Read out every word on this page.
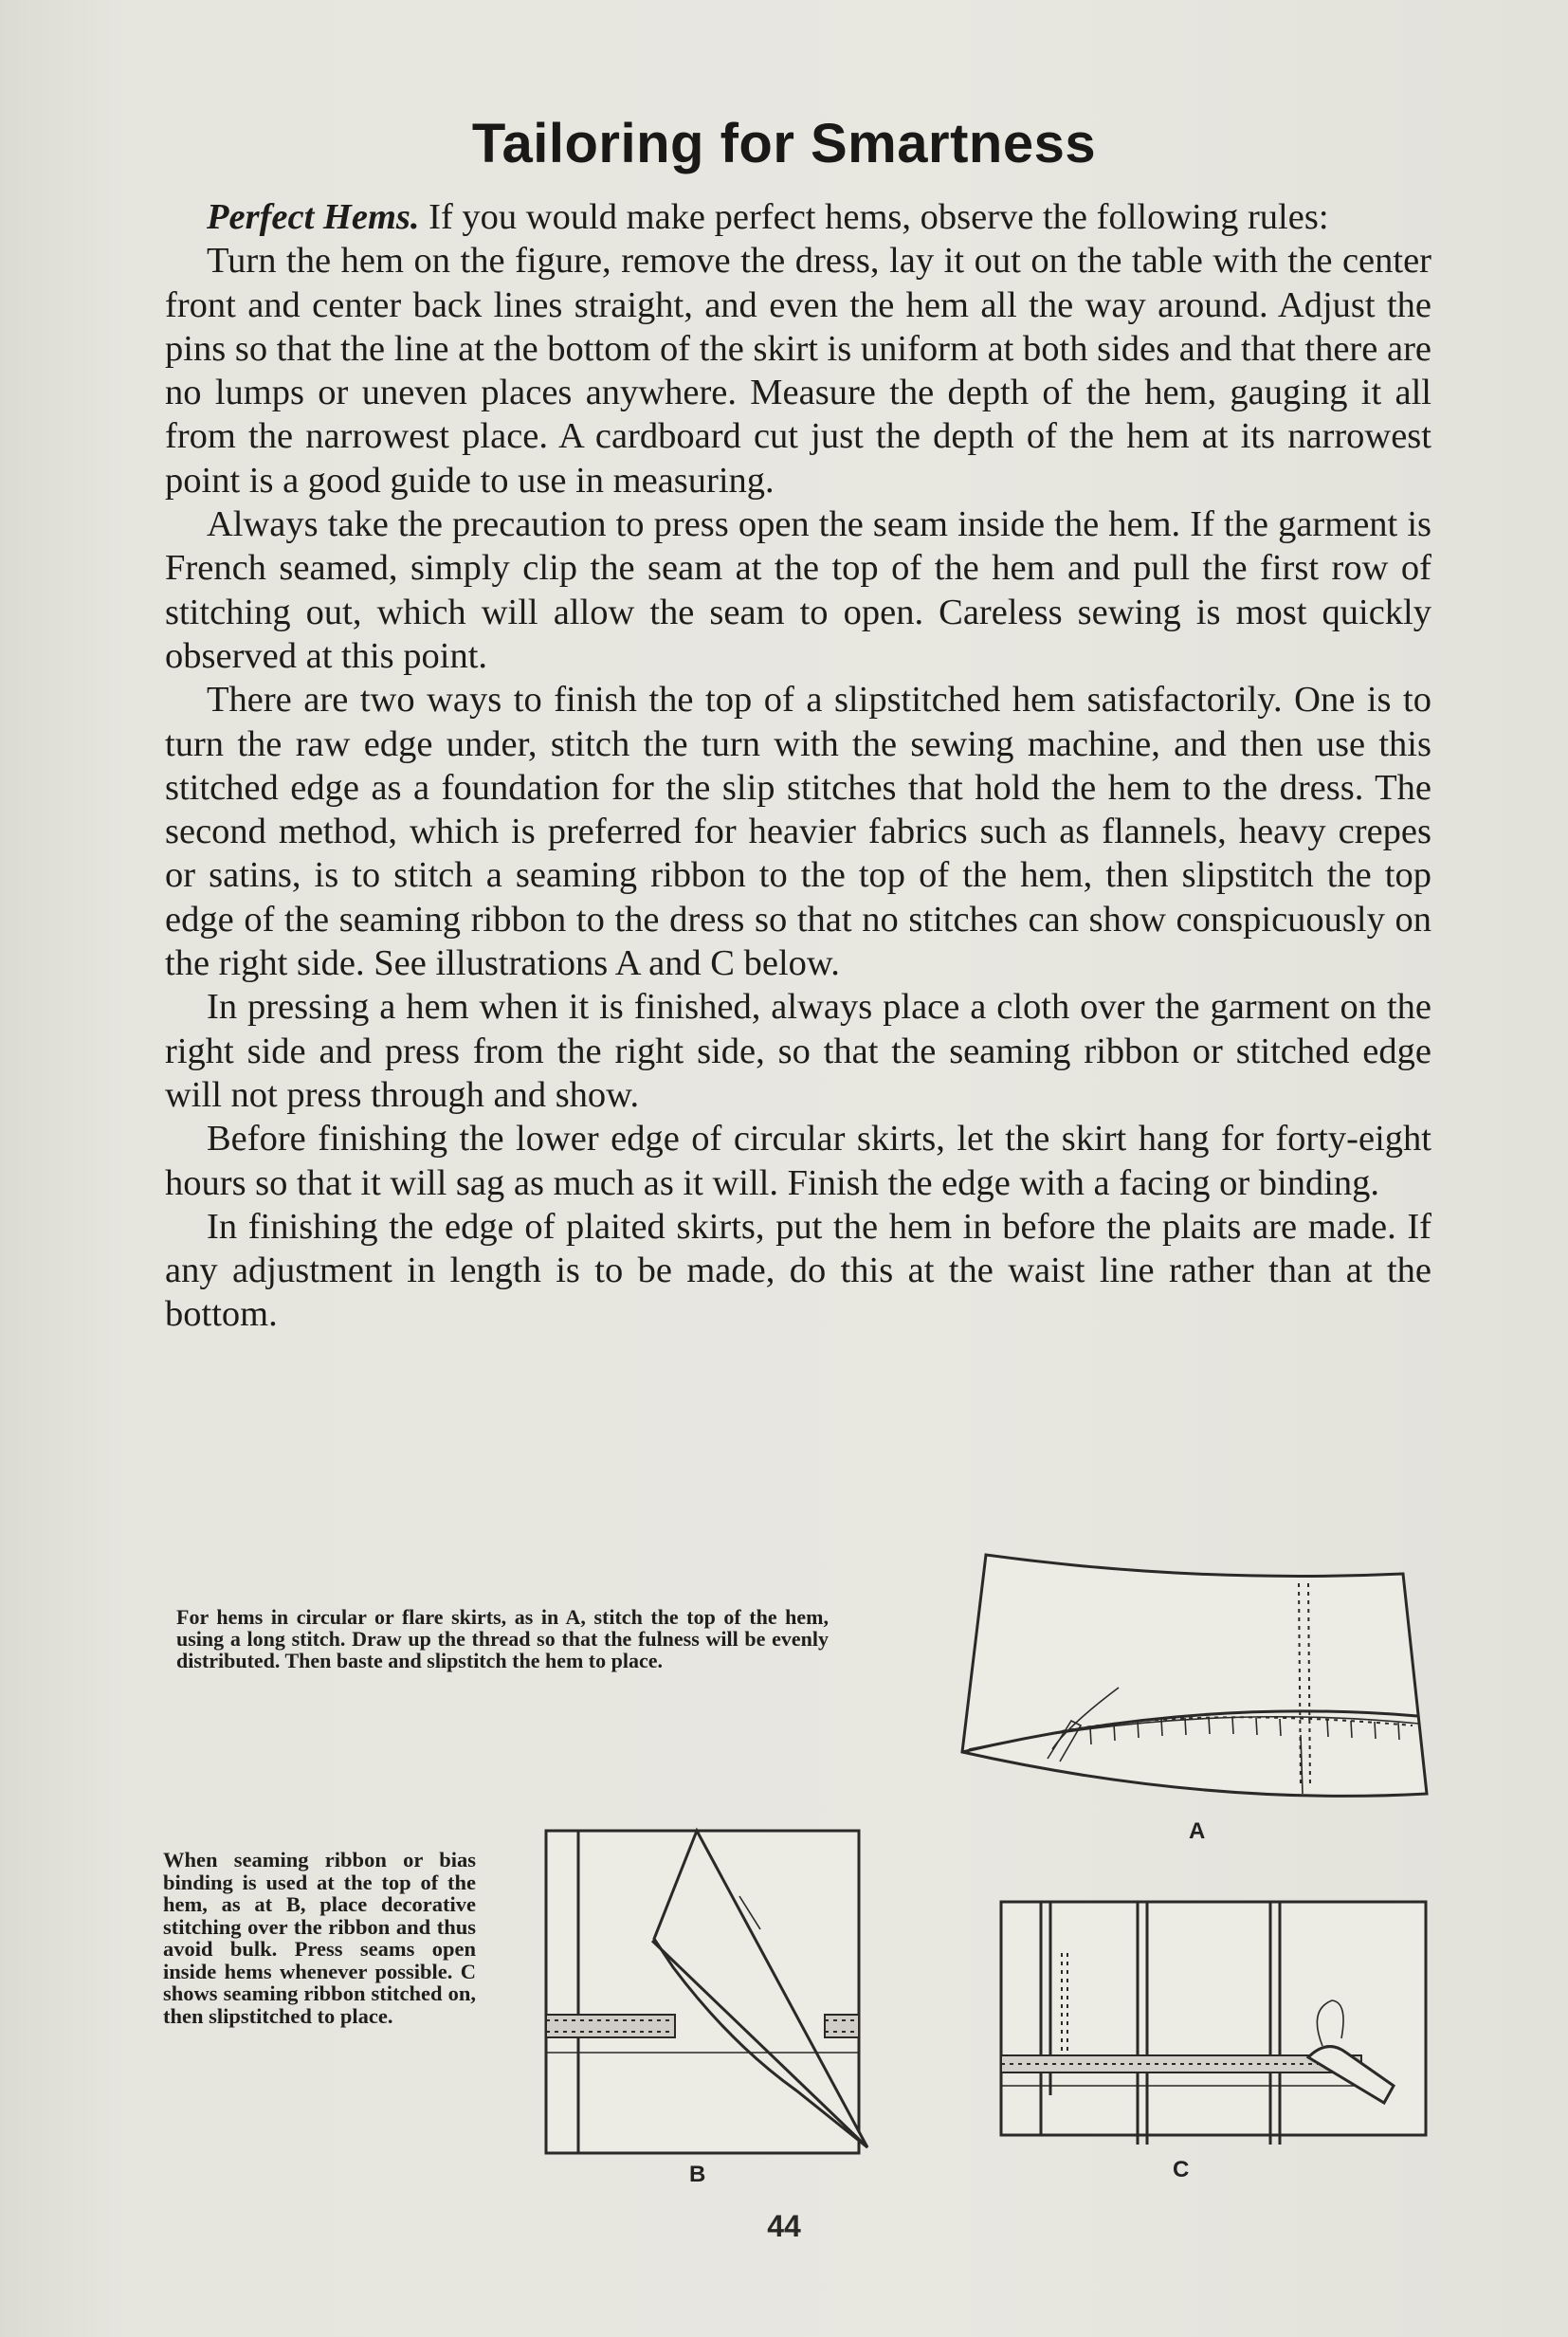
Tailoring for Smartness

Perfect Hems. If you would make perfect hems, observe the following rules:

Turn the hem on the figure, remove the dress, lay it out on the table with the center front and center back lines straight, and even the hem all the way around. Adjust the pins so that the line at the bottom of the skirt is uniform at both sides and that there are no lumps or uneven places anywhere. Measure the depth of the hem, gauging it all from the narrowest place. A cardboard cut just the depth of the hem at its narrowest point is a good guide to use in measuring.

Always take the precaution to press open the seam inside the hem. If the garment is French seamed, simply clip the seam at the top of the hem and pull the first row of stitching out, which will allow the seam to open. Careless sewing is most quickly observed at this point.

There are two ways to finish the top of a slipstitched hem satisfactorily. One is to turn the raw edge under, stitch the turn with the sewing machine, and then use this stitched edge as a foundation for the slip stitches that hold the hem to the dress. The second method, which is preferred for heavier fabrics such as flannels, heavy crepes or satins, is to stitch a seaming ribbon to the top of the hem, then slipstitch the top edge of the seaming ribbon to the dress so that no stitches can show conspicuously on the right side. See illustrations A and C below.

In pressing a hem when it is finished, always place a cloth over the garment on the right side and press from the right side, so that the seaming ribbon or stitched edge will not press through and show.

Before finishing the lower edge of circular skirts, let the skirt hang for forty-eight hours so that it will sag as much as it will. Finish the edge with a facing or binding.

In finishing the edge of plaited skirts, put the hem in before the plaits are made. If any adjustment in length is to be made, do this at the waist line rather than at the bottom.

For hems in circular or flare skirts, as in A, stitch the top of the hem, using a long stitch. Draw up the thread so that the fulness will be evenly distributed. Then baste and slipstitch the hem to place.
When seaming ribbon or bias binding is used at the top of the hem, as at B, place decorative stitching over the ribbon and thus avoid bulk. Press seams open inside hems whenever possible. C shows seaming ribbon stitched on, then slipstitched to place.
A
B	C
44
